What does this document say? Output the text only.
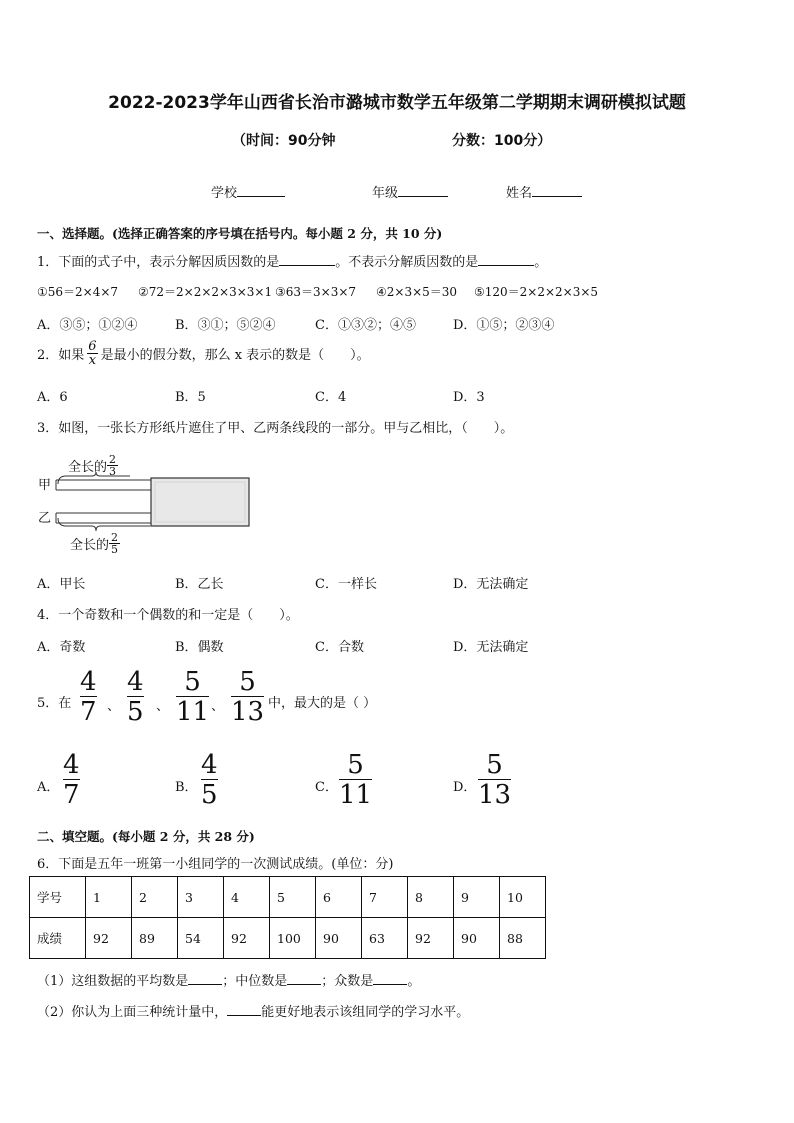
2022-2023学年山西省长治市潞城市数学五年级第二学期期末调研模拟试题
（时间：90分钟	分数：100分）
学校	年级	姓名
一、选择题。(选择正确答案的序号填在括号内。每小题 2 分，共 10 分)
1．下面的式子中，表示分解因质因数的是	。不表示分解质因数的是	。
①56＝2×4×7 ②72＝2×2×2×3×3×1 ③63＝3×3×7 ④2×3×5＝30 ⑤120＝2×2×2×3×5
A．③⑤；①②④	B．③①；⑤②④	C．①③②；④⑤	D．①⑤；②③④
2．如果 $\frac{6}{x}$ 是最小的假分数，那么 x 表示的数是（　　）。
A．6	B．5	C．4	D．3
3．如图，一张长方形纸片遮住了甲、乙两条线段的一部分。甲与乙相比，（　　）。
全长的 $\frac{2}{3}$
甲
乙
全长的 $\frac{2}{5}$
A．甲长	B．乙长	C．一样长	D．无法确定
4．一个奇数和一个偶数的和一定是（　　）。
A．奇数	B．偶数	C．合数	D．无法确定
5．在 $\frac{4}{7}$ 、 $\frac{4}{5}$ 、 $\frac{5}{11}$ 、 $\frac{5}{13}$ 中，最大的是（ ）
A． $\frac{4}{7}$	B． $\frac{4}{5}$	C． $\frac{5}{11}$	D． $\frac{5}{13}$
二、填空题。(每小题 2 分，共 28 分)
6．下面是五年一班第一小组同学的一次测试成绩。(单位：分)
学号	1	2	3	4	5	6	7	8	9	10
成绩	92	89	54	92	100	90	63	92	90	88
（1）这组数据的平均数是	；中位数是	；众数是	。
（2）你认为上面三种统计量中，	能更好地表示该组同学的学习水平。
